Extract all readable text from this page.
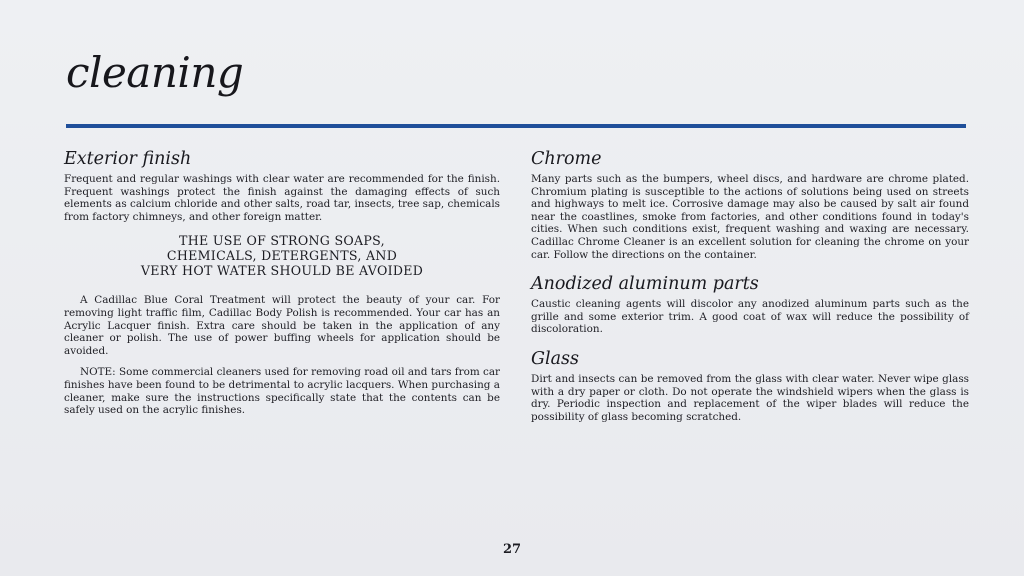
cleaning
Exterior finish

Frequent and regular washings with clear water are recommended for the finish. Frequent washings protect the finish against the damaging effects of such elements as calcium chloride and other salts, road tar, insects, tree sap, chemicals from factory chimneys, and other foreign matter.

THE USE OF STRONG SOAPS,
CHEMICALS, DETERGENTS, AND
VERY HOT WATER SHOULD BE AVOIDED

A Cadillac Blue Coral Treatment will protect the beauty of your car. For removing light traffic film, Cadillac Body Polish is recommended. Your car has an Acrylic Lacquer finish. Extra care should be taken in the application of any cleaner or polish. The use of power buffing wheels for application should be avoided.

NOTE: Some commercial cleaners used for removing road oil and tars from car finishes have been found to be detrimental to acrylic lacquers. When purchasing a cleaner, make sure the instructions specifically state that the contents can be safely used on the acrylic finishes.

Chrome

Many parts such as the bumpers, wheel discs, and hardware are chrome plated. Chromium plating is susceptible to the actions of solutions being used on streets and highways to melt ice. Corrosive damage may also be caused by salt air found near the coastlines, smoke from factories, and other conditions found in today's cities. When such conditions exist, frequent washing and waxing are necessary. Cadillac Chrome Cleaner is an excellent solution for cleaning the chrome on your car. Follow the directions on the container.

Anodized aluminum parts

Caustic cleaning agents will discolor any anodized aluminum parts such as the grille and some exterior trim. A good coat of wax will reduce the possibility of discoloration.

Glass

Dirt and insects can be removed from the glass with clear water. Never wipe glass with a dry paper or cloth. Do not operate the windshield wipers when the glass is dry. Periodic inspection and replacement of the wiper blades will reduce the possibility of glass becoming scratched.

27
